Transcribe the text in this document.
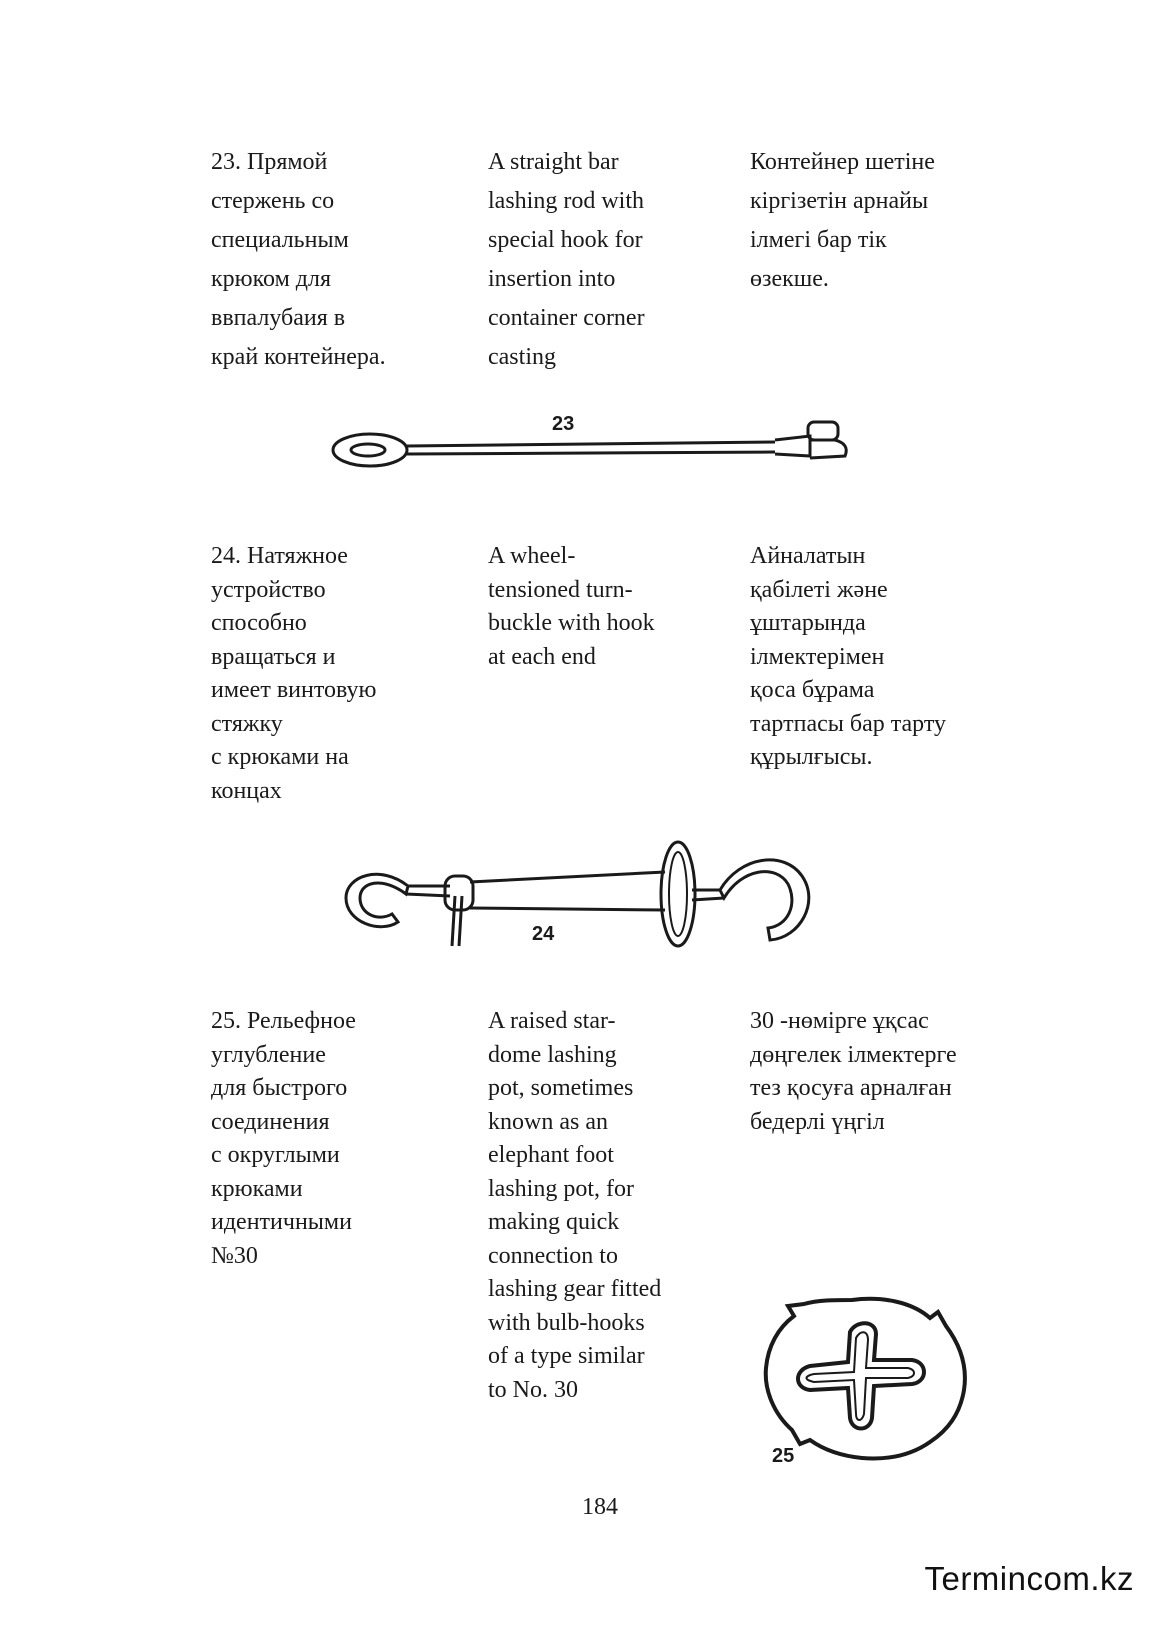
23. Прямой
стержень со
специальным
крюком для
ввпалубаия в
край контейнера.
A straight bar
lashing rod with
special hook for
insertion into
container corner
casting
Контейнер шетіне
кіргізетін арнайы
ілмегі бар тік
өзекше.
23
24. Натяжное
устройство
способно
вращаться и
имеет винтовую
стяжку
с крюками на
концах
A wheel-
tensioned turn-
buckle with hook
at each end
Айналатын
қабілеті және
ұштарында
ілмектерімен
қоса бұрама
тартпасы бар тарту
құрылғысы.
24
25. Рельефное
углубление
для быстрого
соединения
с округлыми
крюками
идентичными
№30
A raised star-
dome lashing
pot, sometimes
known as an
elephant foot
lashing pot, for
making quick
connection to
lashing gear fitted
with bulb-hooks
of a type similar
to No. 30
30 -нөмірге ұқсас
дөңгелек ілмектерге
тез қосуға арналған
бедерлі үңгіл
25
184
Termincom.kz
